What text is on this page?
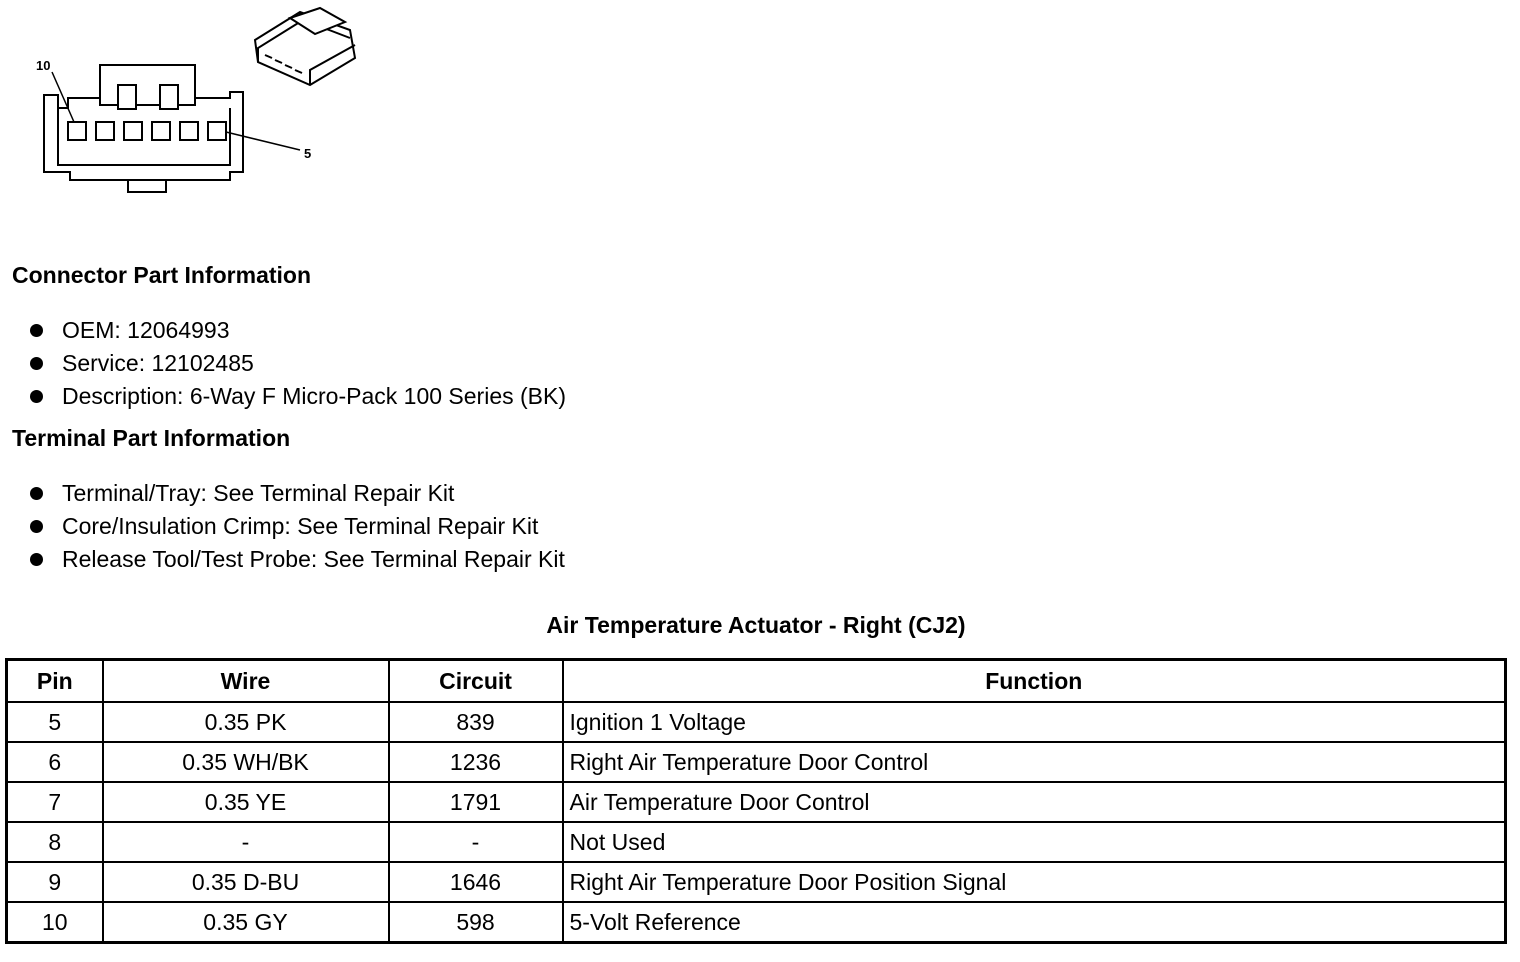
10
5
Connector Part Information
OEM: 12064993
Service: 12102485
Description: 6-Way F Micro-Pack 100 Series (BK)
Terminal Part Information
Terminal/Tray: See Terminal Repair Kit
Core/Insulation Crimp: See Terminal Repair Kit
Release Tool/Test Probe: See Terminal Repair Kit
Air Temperature Actuator - Right (CJ2)
Pin	Wire	Circuit	Function
5	0.35 PK	839	Ignition 1 Voltage
6	0.35 WH/BK	1236	Right Air Temperature Door Control
7	0.35 YE	1791	Air Temperature Door Control
8	-	-	Not Used
9	0.35 D-BU	1646	Right Air Temperature Door Position Signal
10	0.35 GY	598	5-Volt Reference
